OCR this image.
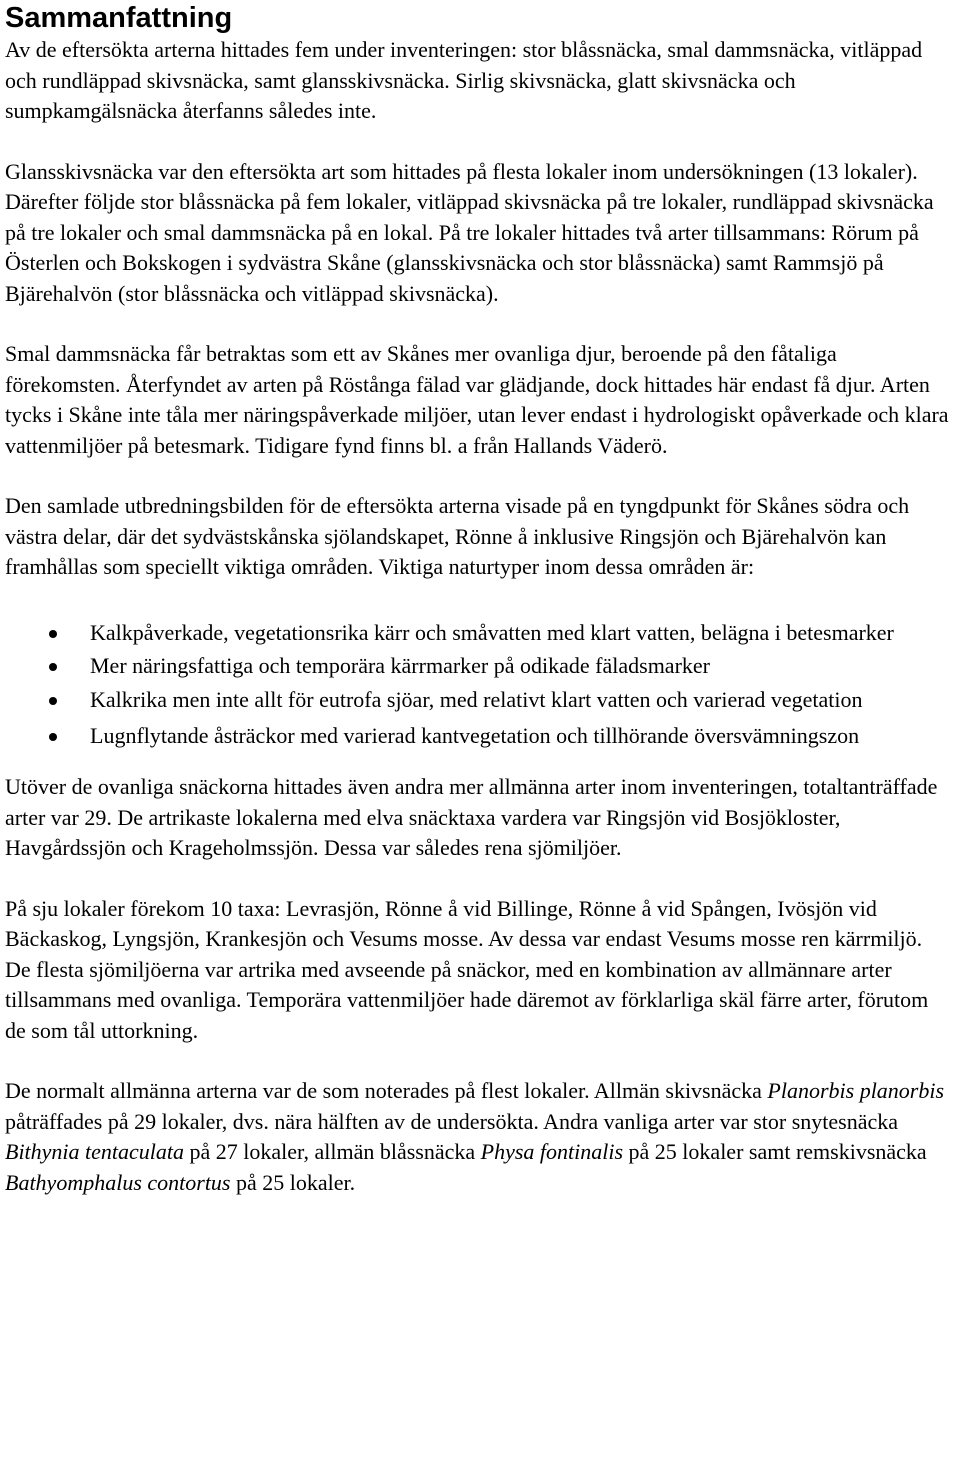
Sammanfattning

Av de eftersökta arterna hittades fem under inventeringen: stor blåssnäcka, smal dammsnäcka, vitläppad och rundläppad skivsnäcka, samt glansskivsnäcka. Sirlig skivsnäcka, glatt skivsnäcka och sumpkamgälsnäcka återfanns således inte.

Glansskivsnäcka var den eftersökta art som hittades på flesta lokaler inom undersökningen (13 lokaler). Därefter följde stor blåssnäcka på fem lokaler, vitläppad skivsnäcka på tre lokaler, rundläppad skivsnäcka på tre lokaler och smal dammsnäcka på en lokal. På tre lokaler hittades två arter tillsammans: Rörum på Österlen och Bokskogen i sydvästra Skåne (glansskivsnäcka och stor blåssnäcka) samt Rammsjö på Bjärehalvön (stor blåssnäcka och vitläppad skivsnäcka).

Smal dammsnäcka får betraktas som ett av Skånes mer ovanliga djur, beroende på den fåtaliga förekomsten. Återfyndet av arten på Röstånga fälad var glädjande, dock hittades här endast få djur. Arten tycks i Skåne inte tåla mer näringspåverkade miljöer, utan lever endast i hydrologiskt opåverkade och klara vattenmiljöer på betesmark. Tidigare fynd finns bl. a från Hallands Väderö.

Den samlade utbredningsbilden för de eftersökta arterna visade på en tyngdpunkt för Skånes södra och västra delar, där det sydvästskånska sjölandskapet, Rönne å inklusive Ringsjön och Bjärehalvön kan framhållas som speciellt viktiga områden. Viktiga naturtyper inom dessa områden är:

Kalkpåverkade, vegetationsrika kärr och småvatten med klart vatten, belägna i betesmarker
Mer näringsfattiga och temporära kärrmarker på odikade fäladsmarker
Kalkrika men inte allt för eutrofa sjöar, med relativt klart vatten och varierad vegetation
Lugnflytande åsträckor med varierad kantvegetation och tillhörande översvämningszon

Utöver de ovanliga snäckorna hittades även andra mer allmänna arter inom inventeringen, totaltanträffade arter var 29. De artrikaste lokalerna med elva snäcktaxa vardera var Ringsjön vid Bosjökloster, Havgårdssjön och Krageholmssjön. Dessa var således rena sjömiljöer.

På sju lokaler förekom 10 taxa: Levrasjön, Rönne å vid Billinge, Rönne å vid Spången, Ivösjön vid Bäckaskog, Lyngsjön, Krankesjön och Vesums mosse. Av dessa var endast Vesums mosse ren kärrmiljö. De flesta sjömiljöerna var artrika med avseende på snäckor, med en kombination av allmännare arter tillsammans med ovanliga. Temporära vattenmiljöer hade däremot av förklarliga skäl färre arter, förutom de som tål uttorkning.

De normalt allmänna arterna var de som noterades på flest lokaler. Allmän skivsnäcka Planorbis planorbis påträffades på 29 lokaler, dvs. nära hälften av de undersökta. Andra vanliga arter var stor snytesnäcka Bithynia tentaculata på 27 lokaler, allmän blåssnäcka Physa fontinalis på 25 lokaler samt remskivsnäcka Bathyomphalus contortus på 25 lokaler.
